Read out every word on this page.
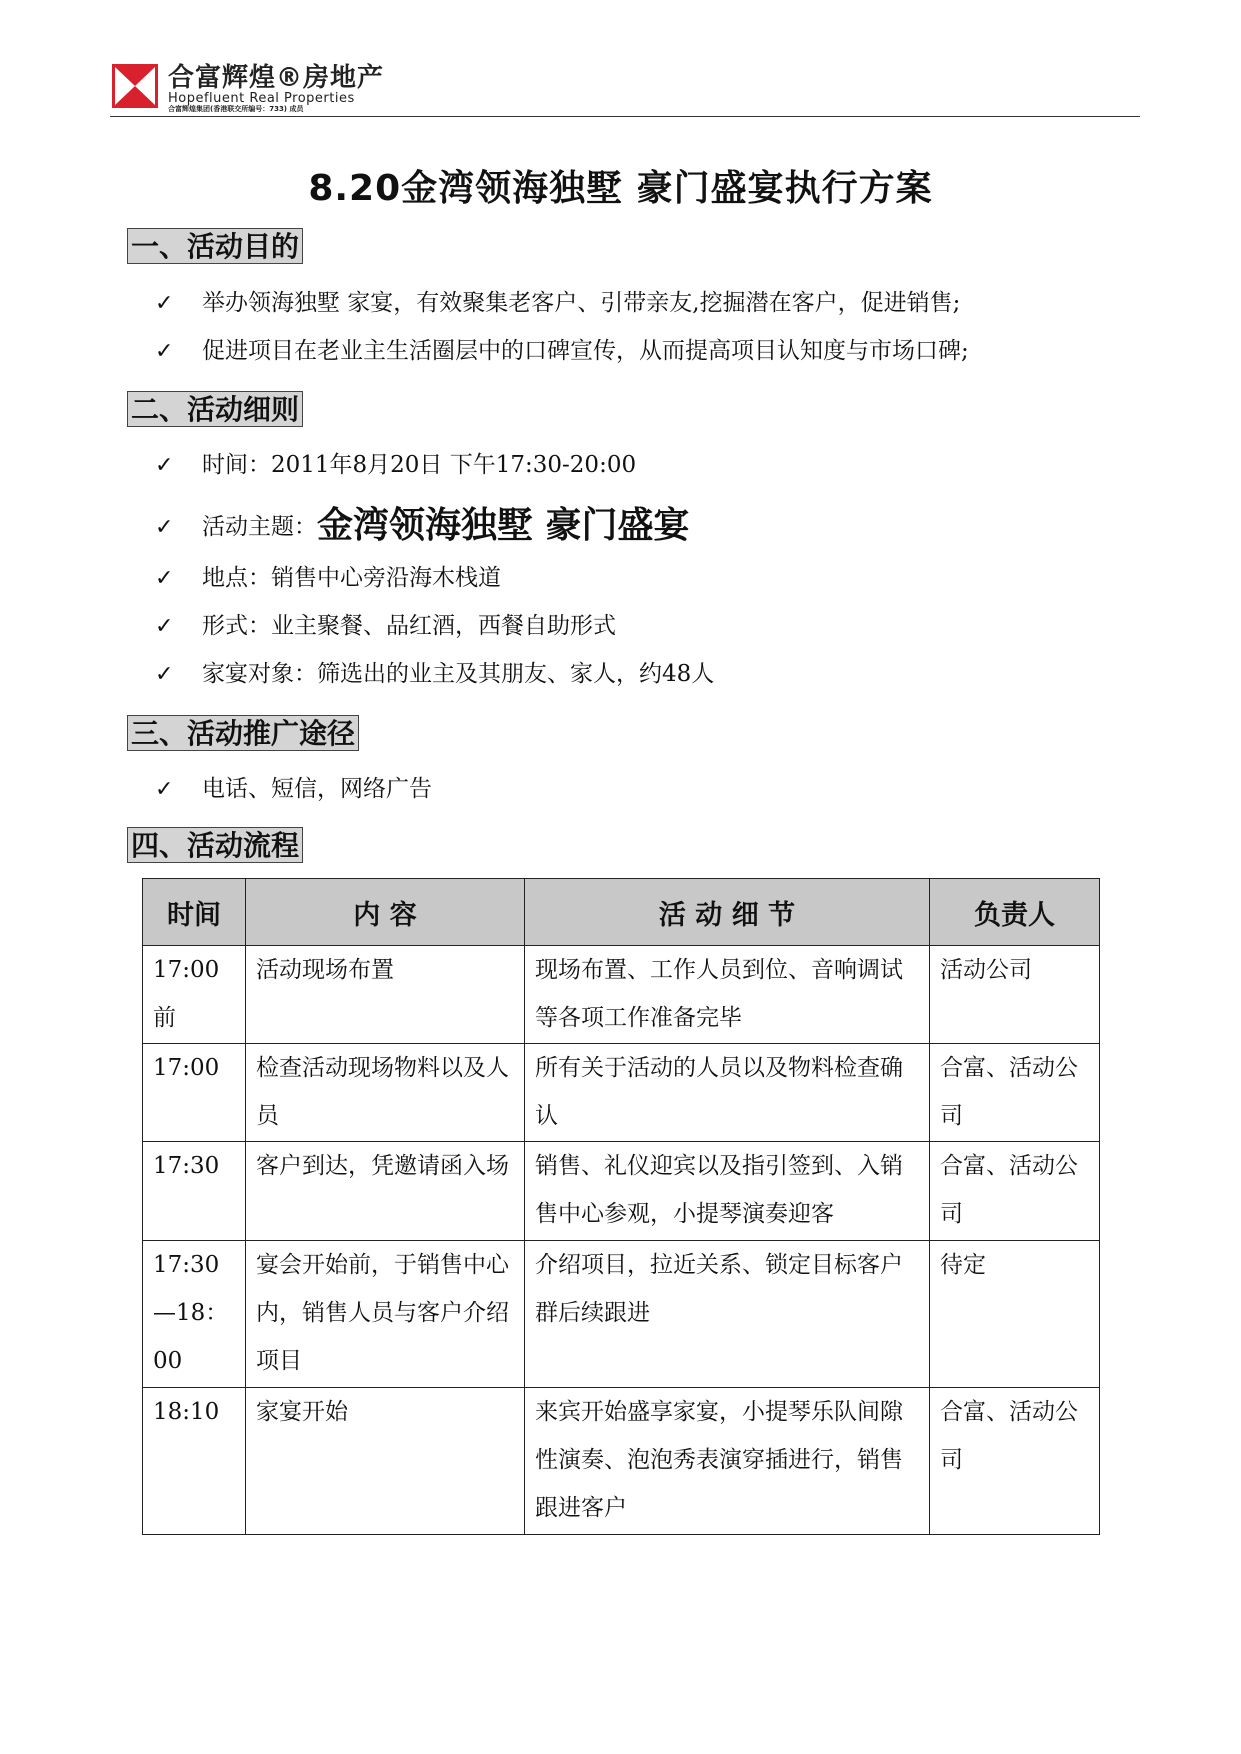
合富辉煌®房地产
Hopefluent Real Properties
合富辉煌集团(香港联交所编号：733) 成员
8.20金湾领海独墅 豪门盛宴执行方案
一、活动目的
✓ 举办领海独墅 家宴，有效聚集老客户、引带亲友,挖掘潜在客户，促进销售;
✓ 促进项目在老业主生活圈层中的口碑宣传，从而提高项目认知度与市场口碑;
二、活动细则
✓ 时间：2011年8月20日 下午17:30-20:00
✓ 活动主题：金湾领海独墅 豪门盛宴
✓ 地点：销售中心旁沿海木栈道
✓ 形式：业主聚餐、品红酒，西餐自助形式
✓ 家宴对象：筛选出的业主及其朋友、家人，约48人
三、活动推广途径
✓ 电话、短信，网络广告
四、活动流程
时间	内 容	活 动 细 节	负责人
17:00前	活动现场布置	现场布置、工作人员到位、音响调试等各项工作准备完毕	活动公司
17:00	检查活动现场物料以及人员	所有关于活动的人员以及物料检查确认	合富、活动公司
17:30	客户到达，凭邀请函入场	销售、礼仪迎宾以及指引签到、入销售中心参观，小提琴演奏迎客	合富、活动公司
17:30—18：00	宴会开始前，于销售中心内，销售人员与客户介绍项目	介绍项目，拉近关系、锁定目标客户群后续跟进	待定
18:10	家宴开始	来宾开始盛享家宴，小提琴乐队间隙性演奏、泡泡秀表演穿插进行，销售跟进客户	合富、活动公司
